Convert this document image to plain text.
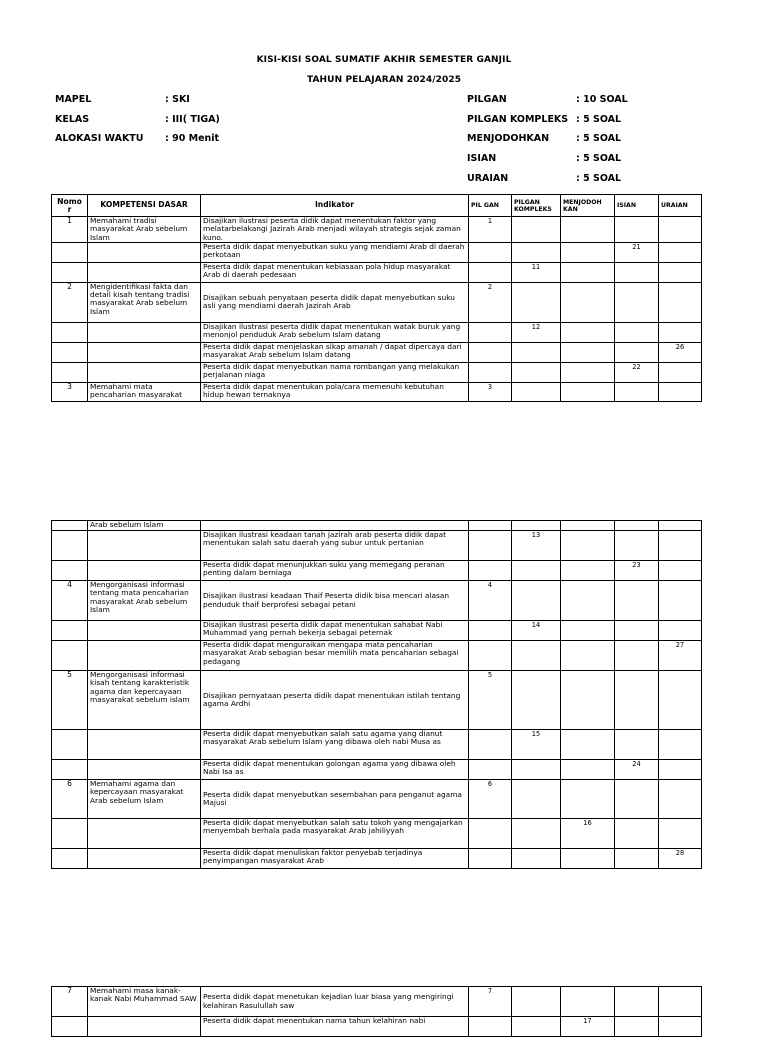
KISI-KISI SOAL SUMATIF AKHIR SEMESTER GANJIL
TAHUN PELAJARAN 2024/2025
MAPEL	: SKI
KELAS	: III( TIGA)
ALOKASI WAKTU : 90 Menit
PILGAN	: 10 SOAL
PILGAN KOMPLEKS : 5 SOAL
MENJODOHKAN	: 5 SOAL
ISIAN	: 5 SOAL
URAIAN	: 5 SOAL
Nomo r	KOMPETENSI DASAR	Indikator	PIL GAN	PILGAN KOMPLEKS	MENJODOH KAN	ISIAN	URAIAN
1	Memahami tradisi masyarakat Arab sebelum Islam	Disajikan ilustrasi peserta didik dapat menentukan faktor yang melatarbelakangi Jazirah Arab menjadi wilayah strategis sejak zaman kuno.	1				
		Peserta didik dapat menyebutkan suku yang mendiami Arab di daerah perkotaan				21	
		Peserta didik dapat menentukan kebiasaan pola hidup masyarakat Arab di daerah pedesaan		11			
2	Mengidentifikasi fakta dan detail kisah tentang tradisi masyarakat Arab sebelum Islam	Disajikan sebuah penyataan peserta didik dapat menyebutkan suku asli yang mendiami daerah Jazirah Arab	2				
		Disajikan ilustrasi peserta didik dapat menentukan watak buruk yang menonjol penduduk Arab sebelum Islam datang		12			
		Peserta didik dapat menjelaskan sikap amanah / dapat dipercaya dari masyarakat Arab sebelum Islam datang					26
		Peserta didik dapat menyebutkan nama rombangan yang melakukan perjalanan niaga				22	
3	Memahami mata pencaharian masyarakat	Peserta didik dapat menentukan pola/cara memenuhi kebutuhan hidup hewan ternaknya	3				
	Arab sebelum Islam						
		Disajikan ilustrasi keadaan tanah jazirah arab peserta didik dapat menentukan salah satu daerah yang subur untuk pertanian		13			
		Peserta didik dapat menunjukkan suku yang memegang peranan penting dalam berniaga				23	
4	Mengorganisasi informasi tentang mata pencaharian masyarakat Arab sebelum Islam	Disajikan ilustrasi keadaan Thaif Peserta didik bisa mencari alasan penduduk thaif berprofesi sebagai petani	4				
		Disajikan ilustrasi peserta didik dapat menentukan sahabat Nabi Muhammad yang pernah bekerja sebagai peternak		14			
		Peserta didik dapat menguraikan mengapa mata pencaharian masyarakat Arab sebagian besar memilih mata pencaharian sebagai pedagang					27
5	Mengorganisasi informasi kisah tentang karakteristik agama dan kepercayaan masyarakat sebelum islam	Disajikan pernyataan peserta didik dapat menentukan istilah tentang agama Ardhi	5				
		Peserta didik dapat menyebutkan salah satu agama yang dianut masyarakat Arab sebelum Islam yang dibawa oleh nabi Musa as		15			
		Peserta didik dapat menentukan golongan agama yang dibawa oleh Nabi Isa as				24	
6	Memahami agama dan kepercayaan masyarakat Arab sebelum Islam	Peserta didik dapat menyebutkan sesembahan para penganut agama Majusi	6				
		Peserta didik dapat menyebutkan salah satu tokoh yang mengajarkan menyembah berhala pada masyarakat Arab jahiliyyah			16		
		Peserta didik dapat menuliskan faktor penyebab terjadinya penyimpangan masyarakat Arab					28
7	Memahami masa kanak-kanak Nabi Muhammad SAW	Peserta didik dapat menetukan kejadian luar biasa yang mengiringi kelahiran Rasulullah saw	7				
		Peserta didik dapat menentukan nama tahun kelahiran nabi			17		
